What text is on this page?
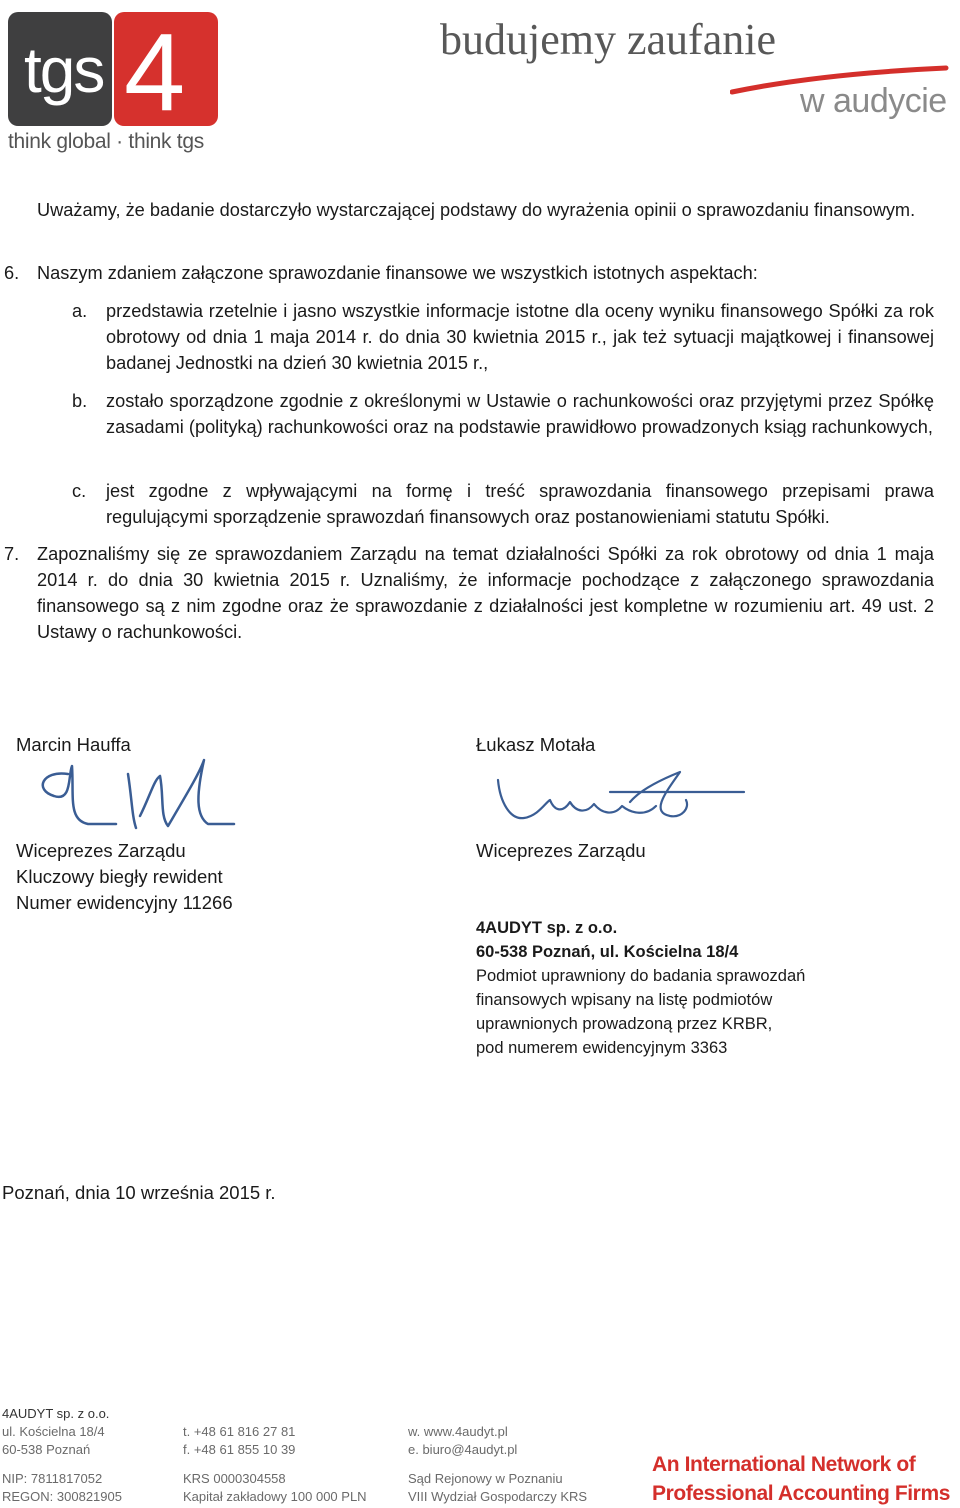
tgs 4
think global · think tgs
budujemy zaufanie
w audycie
Uważamy, że badanie dostarczyło wystarczającej podstawy do wyrażenia opinii o sprawozdaniu finansowym.
6. Naszym zdaniem załączone sprawozdanie finansowe we wszystkich istotnych aspektach:
a. przedstawia rzetelnie i jasno wszystkie informacje istotne dla oceny wyniku finansowego Spółki za rok obrotowy od dnia 1 maja 2014 r. do dnia 30 kwietnia 2015 r., jak też sytuacji majątkowej i finansowej badanej Jednostki na dzień 30 kwietnia 2015 r.,
b. zostało sporządzone zgodnie z określonymi w Ustawie o rachunkowości oraz przyjętymi przez Spółkę zasadami (polityką) rachunkowości oraz na podstawie prawidłowo prowadzonych ksiąg rachunkowych,
c. jest zgodne z wpływającymi na formę i treść sprawozdania finansowego przepisami prawa regulującymi sporządzenie sprawozdań finansowych oraz postanowieniami statutu Spółki.
7. Zapoznaliśmy się ze sprawozdaniem Zarządu na temat działalności Spółki za rok obrotowy od dnia 1 maja 2014 r. do dnia 30 kwietnia 2015 r. Uznaliśmy, że informacje pochodzące z załączonego sprawozdania finansowego są z nim zgodne oraz że sprawozdanie z działalności jest kompletne w rozumieniu art. 49 ust. 2 Ustawy o rachunkowości.
Marcin Hauffa	Łukasz Motała
Wiceprezes Zarządu
Kluczowy biegły rewident
Numer ewidencyjny 11266
Wiceprezes Zarządu
4AUDYT sp. z o.o.
60-538 Poznań, ul. Kościelna 18/4
Podmiot uprawniony do badania sprawozdań
finansowych wpisany na listę podmiotów
uprawnionych prowadzoną przez KRBR,
pod numerem ewidencyjnym 3363
Poznań, dnia 10 września 2015 r.
4AUDYT sp. z o.o.
ul. Kościelna 18/4
60-538 Poznań
NIP: 7811817052
REGON: 300821905
t. +48 61 816 27 81
f. +48 61 855 10 39
KRS 0000304558
Kapitał zakładowy 100 000 PLN
w. www.4audyt.pl
e. biuro@4audyt.pl
Sąd Rejonowy w Poznaniu
VIII Wydział Gospodarczy KRS
An International Network of
Professional Accounting Firms
